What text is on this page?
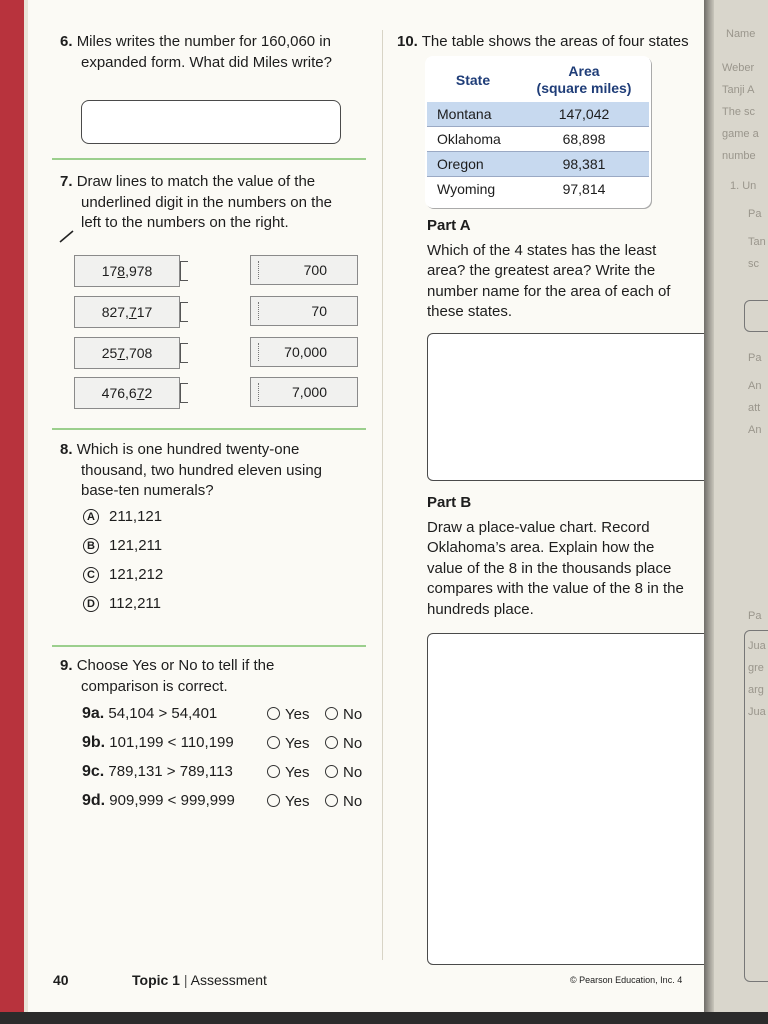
6. Miles writes the number for 160,060 in
expanded form. What did Miles write?
7. Draw lines to match the value of the
underlined digit in the numbers on the
left to the numbers on the right.
17 8 ,978
827, 7 17
25 7 ,708
476,6 7 2
700
70
70,000
7,000
8. Which is one hundred twenty-one
thousand, two hundred eleven using
base-ten numerals?
A 211,121
B 121,211
C 121,212
D 112,211
9. Choose Yes or No to tell if the
comparison is correct.
9a. 54,104 > 54,401	Yes	No
9b. 101,199 < 110,199	Yes	No
9c. 789,131 > 789,113	Yes	No
9d. 909,999 < 999,999	Yes	No
10. The table shows the areas of four states
State	Area
(square miles)
Montana	147,042
Oklahoma	68,898
Oregon	98,381
Wyoming	97,814
Part A

Which of the 4 states has the least
area? the greatest area? Write the
number name for the area of each of
these states.
Part B

Draw a place-value chart. Record
Oklahoma’s area. Explain how the
value of the 8 in the thousands place
compares with the value of the 8 in the
hundreds place.
40	Topic 1 | Assessment	© Pearson Education, Inc. 4
Name
Weber
Tanji A
The sc
game a
numbe
1. Un
Pa
Tan
sc
Pa
An
att
An
Pa
Jua
gre
arg
Jua
